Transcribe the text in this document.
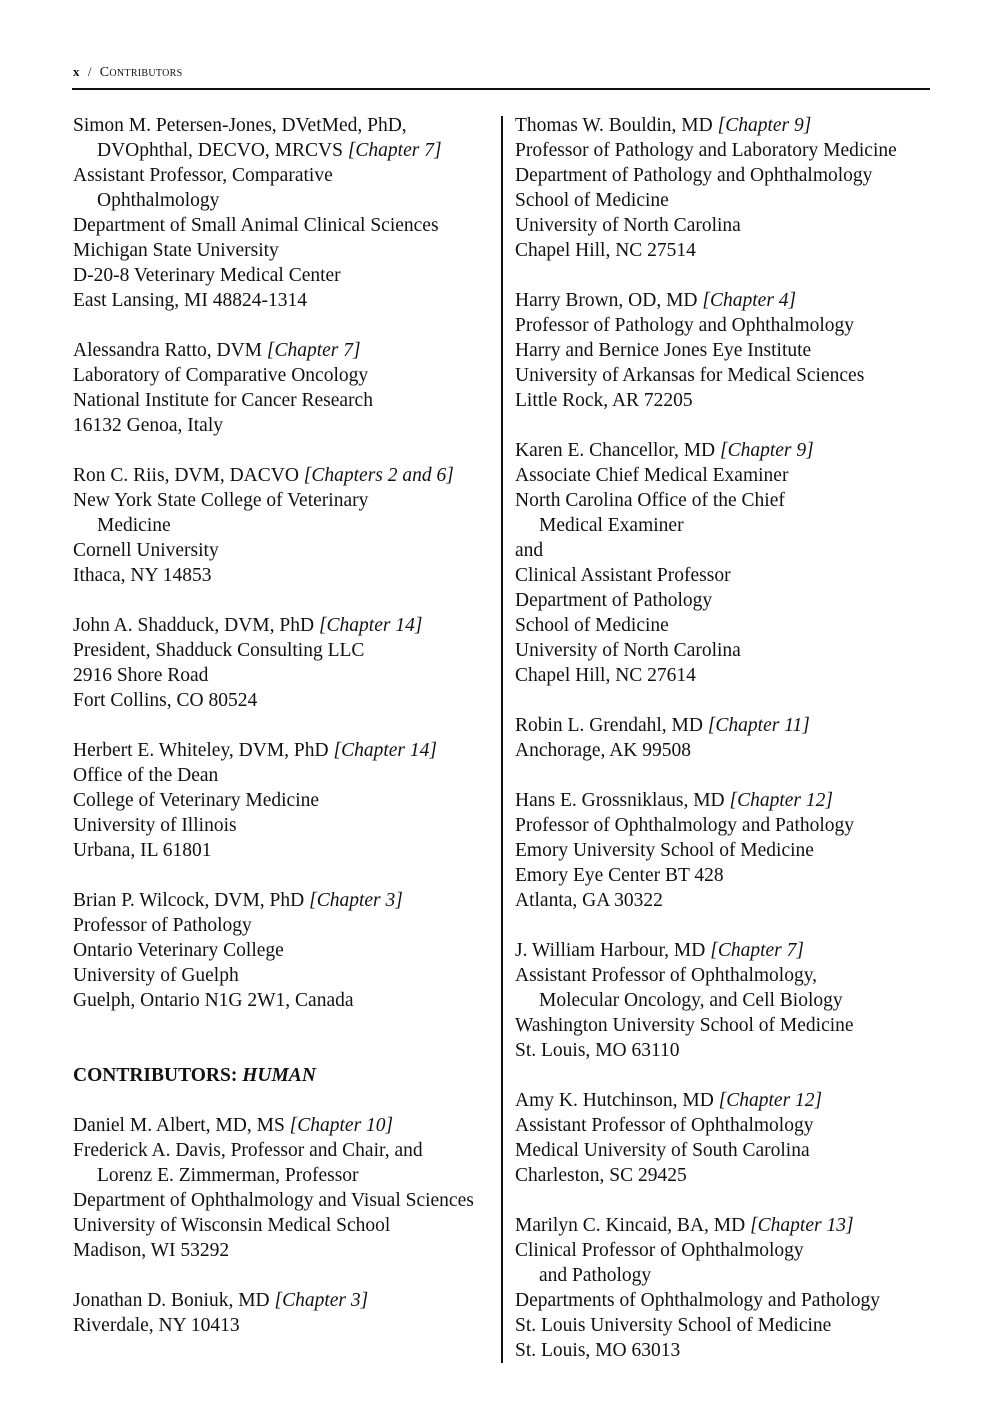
x / Contributors
Simon M. Petersen-Jones, DVetMed, PhD,
DVOphthal, DECVO, MRCVS [Chapter 7]
Assistant Professor, Comparative
Ophthalmology
Department of Small Animal Clinical Sciences
Michigan State University
D-20-8 Veterinary Medical Center
East Lansing, MI 48824-1314
Alessandra Ratto, DVM [Chapter 7]
Laboratory of Comparative Oncology
National Institute for Cancer Research
16132 Genoa, Italy
Ron C. Riis, DVM, DACVO [Chapters 2 and 6]
New York State College of Veterinary
Medicine
Cornell University
Ithaca, NY 14853
John A. Shadduck, DVM, PhD [Chapter 14]
President, Shadduck Consulting LLC
2916 Shore Road
Fort Collins, CO 80524
Herbert E. Whiteley, DVM, PhD [Chapter 14]
Office of the Dean
College of Veterinary Medicine
University of Illinois
Urbana, IL 61801
Brian P. Wilcock, DVM, PhD [Chapter 3]
Professor of Pathology
Ontario Veterinary College
University of Guelph
Guelph, Ontario N1G 2W1, Canada
CONTRIBUTORS: HUMAN
Daniel M. Albert, MD, MS [Chapter 10]
Frederick A. Davis, Professor and Chair, and
Lorenz E. Zimmerman, Professor
Department of Ophthalmology and Visual Sciences
University of Wisconsin Medical School
Madison, WI 53292
Jonathan D. Boniuk, MD [Chapter 3]
Riverdale, NY 10413
Thomas W. Bouldin, MD [Chapter 9]
Professor of Pathology and Laboratory Medicine
Department of Pathology and Ophthalmology
School of Medicine
University of North Carolina
Chapel Hill, NC 27514
Harry Brown, OD, MD [Chapter 4]
Professor of Pathology and Ophthalmology
Harry and Bernice Jones Eye Institute
University of Arkansas for Medical Sciences
Little Rock, AR 72205
Karen E. Chancellor, MD [Chapter 9]
Associate Chief Medical Examiner
North Carolina Office of the Chief
Medical Examiner
and
Clinical Assistant Professor
Department of Pathology
School of Medicine
University of North Carolina
Chapel Hill, NC 27614
Robin L. Grendahl, MD [Chapter 11]
Anchorage, AK 99508
Hans E. Grossniklaus, MD [Chapter 12]
Professor of Ophthalmology and Pathology
Emory University School of Medicine
Emory Eye Center BT 428
Atlanta, GA 30322
J. William Harbour, MD [Chapter 7]
Assistant Professor of Ophthalmology,
Molecular Oncology, and Cell Biology
Washington University School of Medicine
St. Louis, MO 63110
Amy K. Hutchinson, MD [Chapter 12]
Assistant Professor of Ophthalmology
Medical University of South Carolina
Charleston, SC 29425
Marilyn C. Kincaid, BA, MD [Chapter 13]
Clinical Professor of Ophthalmology
and Pathology
Departments of Ophthalmology and Pathology
St. Louis University School of Medicine
St. Louis, MO 63013
